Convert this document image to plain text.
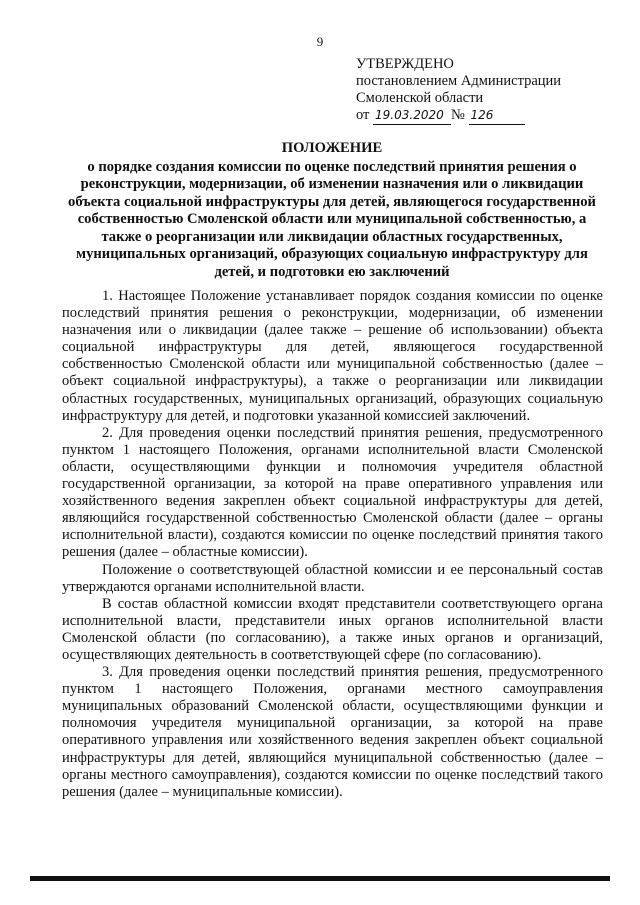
9
УТВЕРЖДЕНО
постановлением Администрации
Смоленской области
от 19.03.2020 № 126
ПОЛОЖЕНИЕ
о порядке создания комиссии по оценке последствий принятия решения о реконструкции, модернизации, об изменении назначения или о ликвидации объекта социальной инфраструктуры для детей, являющегося государственной собственностью Смоленской области или муниципальной собственностью, а также о реорганизации или ликвидации областных государственных, муниципальных организаций, образующих социальную инфраструктуру для детей, и подготовки ею заключений

1. Настоящее Положение устанавливает порядок создания комиссии по оценке последствий принятия решения о реконструкции, модернизации, об изменении назначения или о ликвидации (далее также – решение об использовании) объекта социальной инфраструктуры для детей, являющегося государственной собственностью Смоленской области или муниципальной собственностью (далее – объект социальной инфраструктуры), а также о реорганизации или ликвидации областных государственных, муниципальных организаций, образующих социальную инфраструктуру для детей, и подготовки указанной комиссией заключений.

2. Для проведения оценки последствий принятия решения, предусмотренного пунктом 1 настоящего Положения, органами исполнительной власти Смоленской области, осуществляющими функции и полномочия учредителя областной государственной организации, за которой на праве оперативного управления или хозяйственного ведения закреплен объект социальной инфраструктуры для детей, являющийся государственной собственностью Смоленской области (далее – органы исполнительной власти), создаются комиссии по оценке последствий принятия такого решения (далее – областные комиссии).

Положение о соответствующей областной комиссии и ее персональный состав утверждаются органами исполнительной власти.

В состав областной комиссии входят представители соответствующего органа исполнительной власти, представители иных органов исполнительной власти Смоленской области (по согласованию), а также иных органов и организаций, осуществляющих деятельность в соответствующей сфере (по согласованию).

3. Для проведения оценки последствий принятия решения, предусмотренного пунктом 1 настоящего Положения, органами местного самоуправления муниципальных образований Смоленской области, осуществляющими функции и полномочия учредителя муниципальной организации, за которой на праве оперативного управления или хозяйственного ведения закреплен объект социальной инфраструктуры для детей, являющийся муниципальной собственностью (далее – органы местного самоуправления), создаются комиссии по оценке последствий такого решения (далее – муниципальные комиссии).
